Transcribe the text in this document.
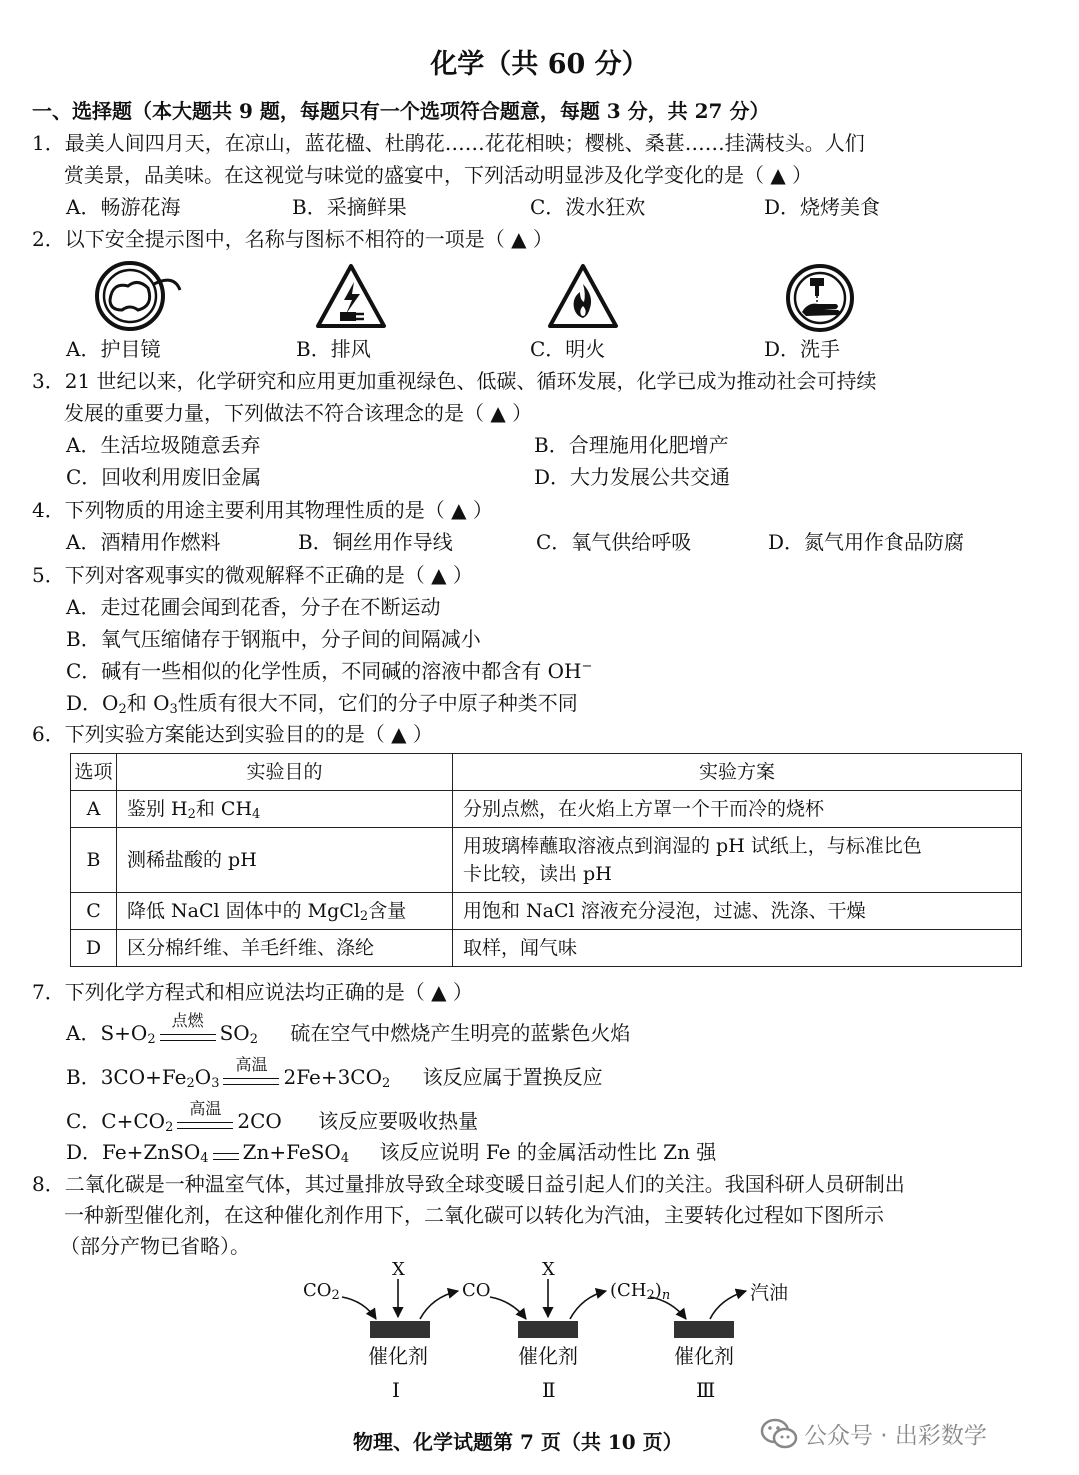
化学（共 60 分）
一、选择题（本大题共 9 题，每题只有一个选项符合题意，每题 3 分，共 27 分）
1．最美人间四月天，在凉山，蓝花楹、杜鹃花……花花相映；樱桃、桑葚……挂满枝头。人们
赏美景，品美味。在这视觉与味觉的盛宴中，下列活动明显涉及化学变化的是（ ▲ ）
A．畅游花海	B．采摘鲜果	C．泼水狂欢	D．烧烤美食
2．以下安全提示图中，名称与图标不相符的一项是（ ▲ ）
A．护目镜	B．排风	C．明火	D．洗手
3．21 世纪以来，化学研究和应用更加重视绿色、低碳、循环发展，化学已成为推动社会可持续
发展的重要力量，下列做法不符合该理念的是（ ▲ ）
A．生活垃圾随意丢弃	B．合理施用化肥增产
C．回收利用废旧金属	D．大力发展公共交通
4．下列物质的用途主要利用其物理性质的是（ ▲ ）
A．酒精用作燃料	B．铜丝用作导线	C．氧气供给呼吸	D．氮气用作食品防腐
5．下列对客观事实的微观解释不正确的是（ ▲ ）
A．走过花圃会闻到花香，分子在不断运动
B．氧气压缩储存于钢瓶中，分子间的间隔减小
C．碱有一些相似的化学性质，不同碱的溶液中都含有 OH−
D．$O_2$和 $O_3$性质有很大不同，它们的分子中原子种类不同
6．下列实验方案能达到实验目的的是（ ▲ ）
选项	实验目的	实验方案
A	鉴别 $H_2$和 $CH_4$	分别点燃，在火焰上方罩一个干而冷的烧杯
B	测稀盐酸的 pH	用玻璃棒蘸取溶液点到润湿的 pH 试纸上，与标准比色
卡比较，读出 pH

C	降低 NaCl 固体中的 MgCl$_2$含量	用饱和 NaCl 溶液充分浸泡，过滤、洗涤、干燥
D	区分棉纤维、羊毛纤维、涤纶	取样，闻气味
7．下列化学方程式和相应说法均正确的是（ ▲ ）
A．$S+O_2$
点燃
$SO_2$ 硫在空气中燃烧产生明亮的蓝紫色火焰
B．$3CO+Fe_2O_3$
高温
$2Fe+3CO_2$ 该反应属于置换反应
C．$C+CO_2$
高温
2CO 该反应要吸收热量
D．Fe+ZnSO$_4$ Zn+FeSO$_4$ 该反应说明 Fe 的金属活动性比 Zn 强
8．二氧化碳是一种温室气体，其过量排放导致全球变暖日益引起人们的关注。我国科研人员研制出
一种新型催化剂，在这种催化剂作用下，二氧化碳可以转化为汽油，主要转化过程如下图所示
（部分产物已省略）。
$CO_2$
X
CO
X
$(CH_2)_n$	汽油
催化剂	催化剂	催化剂
Ⅰ	Ⅱ	Ⅲ
物理、化学试题第 7 页（共 10 页）	公众号 · 出彩数学
